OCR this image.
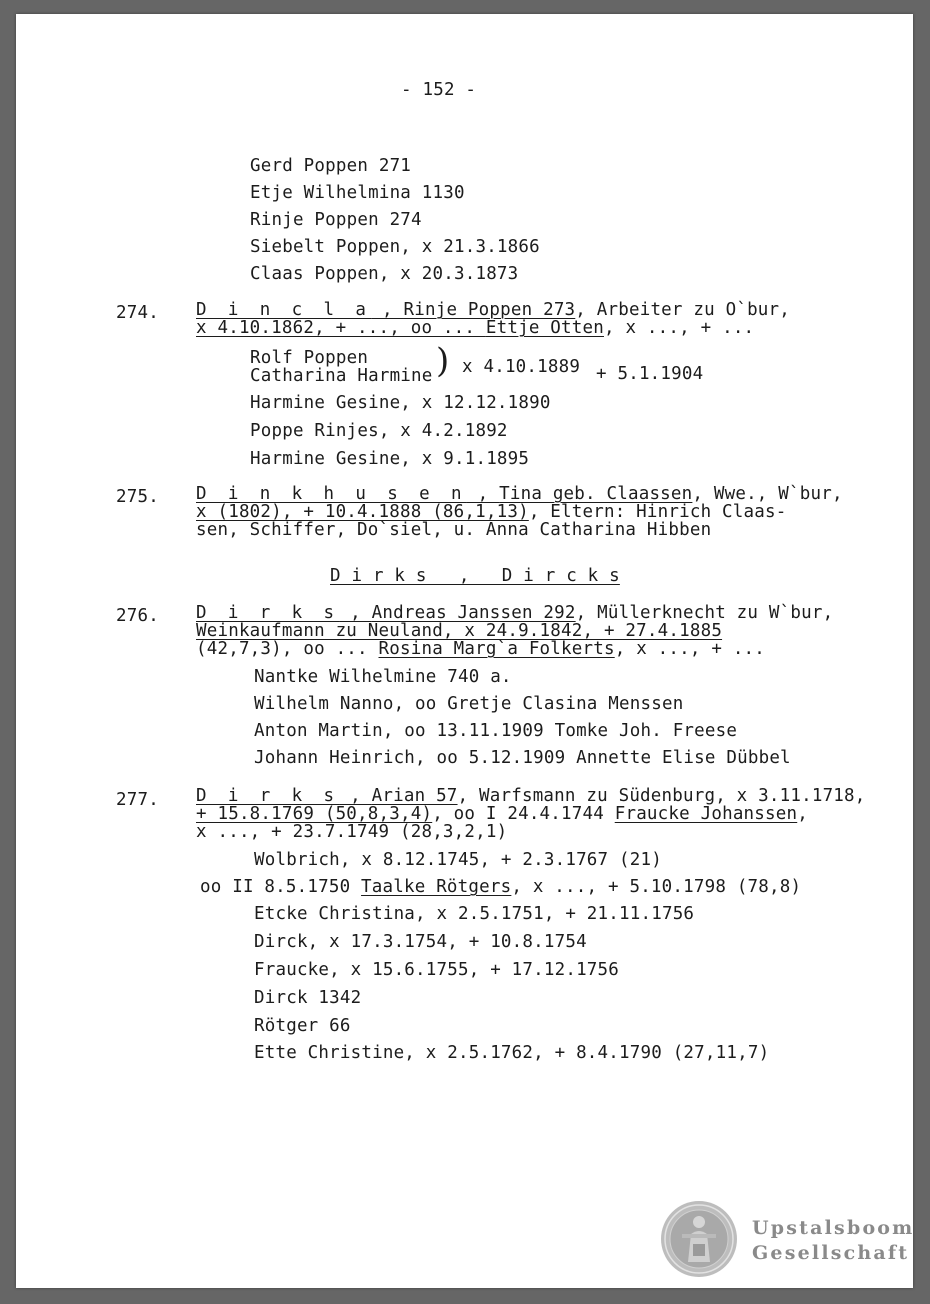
- 152 -
Gerd Poppen 271
Etje Wilhelmina 1130
Rinje Poppen 274
Siebelt Poppen, x 21.3.1866
Claas Poppen, x 20.3.1873
274. D i n c l a , Rinje Poppen 273, Arbeiter zu O`bur,
x 4.10.1862, + ..., oo ... Ettje Otten, x ..., + ...
Rolf Poppen
Catharina Harmine ) x 4.10.1889 + 5.1.1904
Harmine Gesine, x 12.12.1890
Poppe Rinjes, x 4.2.1892
Harmine Gesine, x 9.1.1895
275. D i n k h u s e n , Tina geb. Claassen, Wwe., W`bur,
x (1802), + 10.4.1888 (86,1,13), Eltern: Hinrich Claas-
sen, Schiffer, Do`siel, u. Anna Catharina Hibben
D i r k s   ,   D i r c k s
276. D i r k s , Andreas Janssen 292, Müllerknecht zu W`bur,
Weinkaufmann zu Neuland, x 24.9.1842, + 27.4.1885
(42,7,3), oo ... Rosina Marg`a Folkerts, x ..., + ...
Nantke Wilhelmine 740 a.
Wilhelm Nanno, oo Gretje Clasina Menssen
Anton Martin, oo 13.11.1909 Tomke Joh. Freese
Johann Heinrich, oo 5.12.1909 Annette Elise Dübbel
277. D i r k s , Arian 57, Warfsmann zu Südenburg, x 3.11.1718,
+ 15.8.1769 (50,8,3,4), oo I 24.4.1744 Fraucke Johanssen,
x ..., + 23.7.1749 (28,3,2,1)
Wolbrich, x 8.12.1745, + 2.3.1767 (21)
oo II 8.5.1750 Taalke Rötgers, x ..., + 5.10.1798 (78,8)
Etcke Christina, x 2.5.1751, + 21.11.1756
Dirck, x 17.3.1754, + 10.8.1754
Fraucke, x 15.6.1755, + 17.12.1756
Dirck 1342
Rötger 66
Ette Christine, x 2.5.1762, + 8.4.1790 (27,11,7)
Upstalsboom
Gesellschaft
